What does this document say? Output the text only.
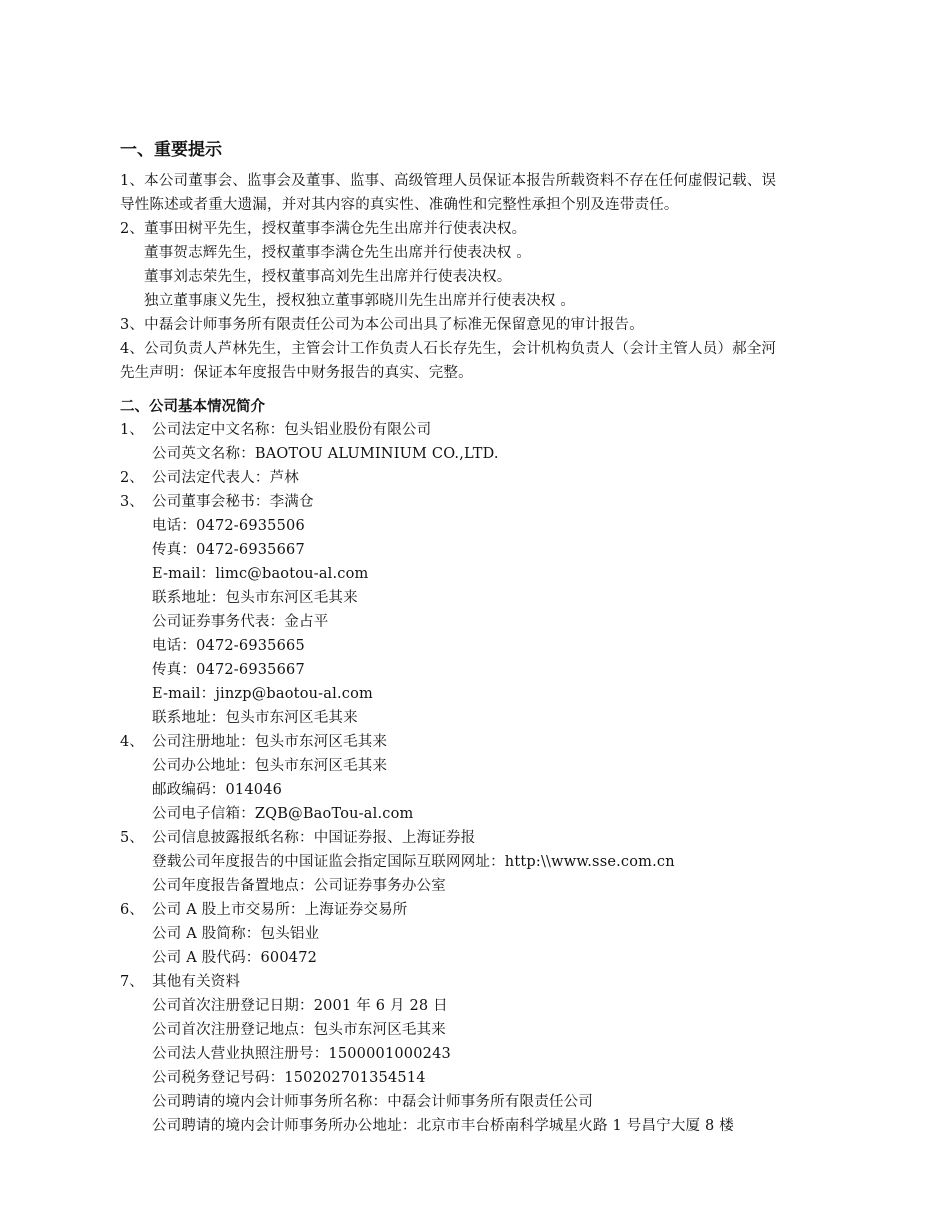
一、重要提示
1、本公司董事会、监事会及董事、监事、高级管理人员保证本报告所载资料不存在任何虚假记载、误
导性陈述或者重大遗漏，并对其内容的真实性、准确性和完整性承担个别及连带责任。
2、董事田树平先生，授权董事李满仓先生出席并行使表决权。
董事贺志辉先生，授权董事李满仓先生出席并行使表决权 。
董事刘志荣先生，授权董事高刘先生出席并行使表决权。
独立董事康义先生，授权独立董事郭晓川先生出席并行使表决权 。
3、中磊会计师事务所有限责任公司为本公司出具了标准无保留意见的审计报告。
4、公司负责人芦林先生，主管会计工作负责人石长存先生，会计机构负责人（会计主管人员）郝全河
先生声明：保证本年度报告中财务报告的真实、完整。
二、公司基本情况简介
1、 公司法定中文名称：包头铝业股份有限公司
公司英文名称：BAOTOU ALUMINIUM CO.,LTD.
2、 公司法定代表人：芦林
3、 公司董事会秘书：李满仓
电话：0472-6935506
传真：0472-6935667
E-mail：limc@baotou-al.com
联系地址：包头市东河区毛其来
公司证券事务代表：金占平
电话：0472-6935665
传真：0472-6935667
E-mail：jinzp@baotou-al.com
联系地址：包头市东河区毛其来
4、 公司注册地址：包头市东河区毛其来
公司办公地址：包头市东河区毛其来
邮政编码：014046
公司电子信箱：ZQB@BaoTou-al.com
5、 公司信息披露报纸名称：中国证券报、上海证券报
登载公司年度报告的中国证监会指定国际互联网网址：http:\\www.sse.com.cn
公司年度报告备置地点：公司证券事务办公室
6、 公司 A 股上市交易所：上海证券交易所
公司 A 股简称：包头铝业
公司 A 股代码：600472
7、 其他有关资料
公司首次注册登记日期：2001 年 6 月 28 日
公司首次注册登记地点：包头市东河区毛其来
公司法人营业执照注册号：1500001000243
公司税务登记号码：150202701354514
公司聘请的境内会计师事务所名称：中磊会计师事务所有限责任公司
公司聘请的境内会计师事务所办公地址：北京市丰台桥南科学城星火路 1 号昌宁大厦 8 楼
